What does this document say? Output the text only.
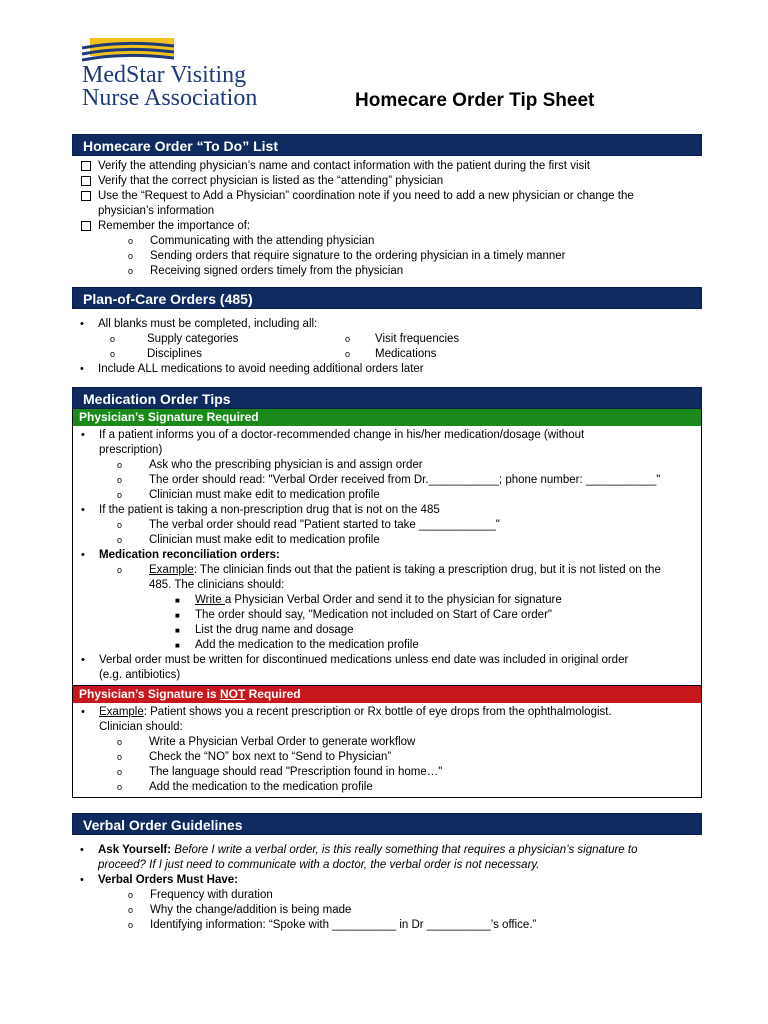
MedStar Visiting
Nurse Association	Homecare Order Tip Sheet
Homecare Order “To Do” List
Verify the attending physician’s name and contact information with the patient during the first visit
Verify that the correct physician is listed as the “attending” physician
Use the “Request to Add a Physician” coordination note if you need to add a new physician or change the
physician’s information
Remember the importance of:
o Communicating with the attending physician
o Sending orders that require signature to the ordering physician in a timely manner
o Receiving signed orders timely from the physician
Plan-of-Care Orders (485)
• All blanks must be completed, including all:
o	Supply categories	o Visit frequencies
o	Disciplines	o Medications
• Include ALL medications to avoid needing additional orders later
Medication Order Tips
Physician’s Signature Required
• If a patient informs you of a doctor-recommended change in his/her medication/dosage (without
prescription)
o Ask who the prescribing physician is and assign order
o The order should read: "Verbal Order received from Dr.___________; phone number: ___________"
o Clinician must make edit to medication profile
• If the patient is taking a non-prescription drug that is not on the 485
o The verbal order should read "Patient started to take ____________"
o Clinician must make edit to medication profile
• Medication reconciliation orders:
o Example: The clinician finds out that the patient is taking a prescription drug, but it is not listed on the
485. The clinicians should:
■ Write a Physician Verbal Order and send it to the physician for signature
■ The order should say, "Medication not included on Start of Care order"
■ List the drug name and dosage
■ Add the medication to the medication profile
• Verbal order must be written for discontinued medications unless end date was included in original order
(e.g. antibiotics)
Physician’s Signature is NOT Required
• Example: Patient shows you a recent prescription or Rx bottle of eye drops from the ophthalmologist.
Clinician should:
o Write a Physician Verbal Order to generate workflow
o Check the “NO” box next to “Send to Physician”
o The language should read "Prescription found in home…"
o Add the medication to the medication profile
Verbal Order Guidelines
• Ask Yourself: Before I write a verbal order, is this really something that requires a physician’s signature to
proceed? If I just need to communicate with a doctor, the verbal order is not necessary.
• Verbal Orders Must Have:
o Frequency with duration
o Why the change/addition is being made
o Identifying information: “Spoke with __________ in Dr __________’s office.”
